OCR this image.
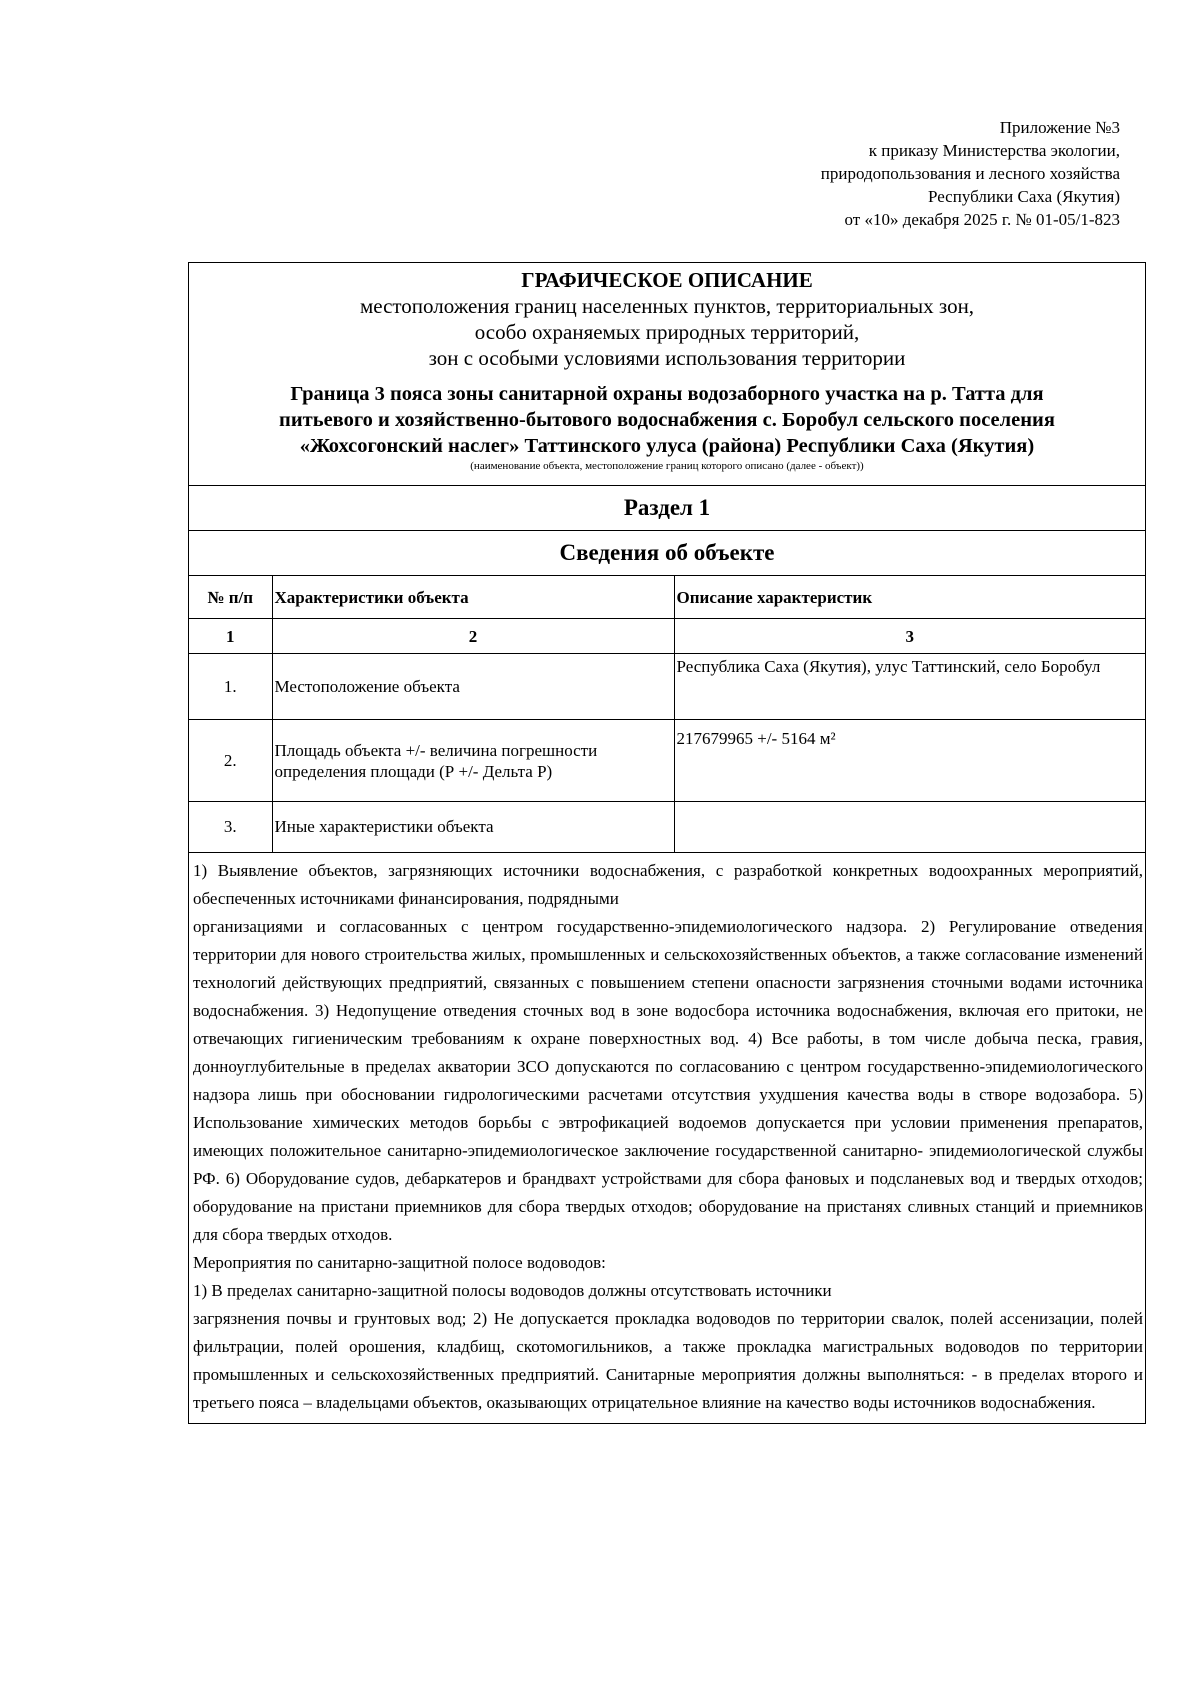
Приложение №3
к приказу Министерства экологии,
природопользования и лесного хозяйства
Республики Саха (Якутия)
от «10» декабря 2025 г. № 01-05/1-823
ГРАФИЧЕСКОЕ ОПИСАНИЕ
местоположения границ населенных пунктов, территориальных зон,
особо охраняемых природных территорий,
зон с особыми условиями использования территории
Граница 3 пояса зоны санитарной охраны водозаборного участка на р. Татта для
питьевого и хозяйственно-бытового водоснабжения с. Боробул сельского поселения
«Жохсогонский наслег» Таттинского улуса (района) Республики Саха (Якутия)
(наименование объекта, местоположение границ которого описано (далее - объект))
Раздел 1
Сведения об объекте
№ п/п	Характеристики объекта	Описание характеристик
1	2	3
1.	Местоположение объекта	Республика Саха (Якутия), улус Таттинский, село Боробул
2.	Площадь объекта +/- величина погрешности определения площади (Р +/- Дельта Р)	217679965 +/- 5164 м²
3.	Иные характеристики объекта	

1) Выявление объектов, загрязняющих источники водоснабжения, с разработкой конкретных водоохранных мероприятий, обеспеченных источниками финансирования, подрядными

организациями и согласованных с центром государственно-эпидемиологического надзора. 2) Регулирование отведения территории для нового строительства жилых, промышленных и сельскохозяйственных объектов, а также согласование изменений технологий действующих предприятий, связанных с повышением степени опасности загрязнения сточными водами источника водоснабжения. 3) Недопущение отведения сточных вод в зоне водосбора источника водоснабжения, включая его притоки, не отвечающих гигиеническим требованиям к охране поверхностных вод. 4) Все работы, в том числе добыча песка, гравия, донноуглубительные в пределах акватории ЗСО допускаются по согласованию с центром государственно-эпидемиологического надзора лишь при обосновании гидрологическими расчетами отсутствия ухудшения качества воды в створе водозабора. 5) Использование химических методов борьбы с эвтрофикацией водоемов допускается при условии применения препаратов, имеющих положительное санитарно-эпидемиологическое заключение государственной санитарно- эпидемиологической службы РФ. 6) Оборудование судов, дебаркатеров и брандвахт устройствами для сбора фановых и подсланевых вод и твердых отходов; оборудование на пристани приемников для сбора твердых отходов; оборудование на пристанях сливных станций и приемников для сбора твердых отходов.

Мероприятия по санитарно-защитной полосе водоводов:

1) В пределах санитарно-защитной полосы водоводов должны отсутствовать источники

загрязнения почвы и грунтовых вод; 2) Не допускается прокладка водоводов по территории свалок, полей ассенизации, полей фильтрации, полей орошения, кладбищ, скотомогильников, а также прокладка магистральных водоводов по территории промышленных и сельскохозяйственных предприятий. Санитарные мероприятия должны выполняться: - в пределах второго и третьего пояса – владельцами объектов, оказывающих отрицательное влияние на качество воды источников водоснабжения.
